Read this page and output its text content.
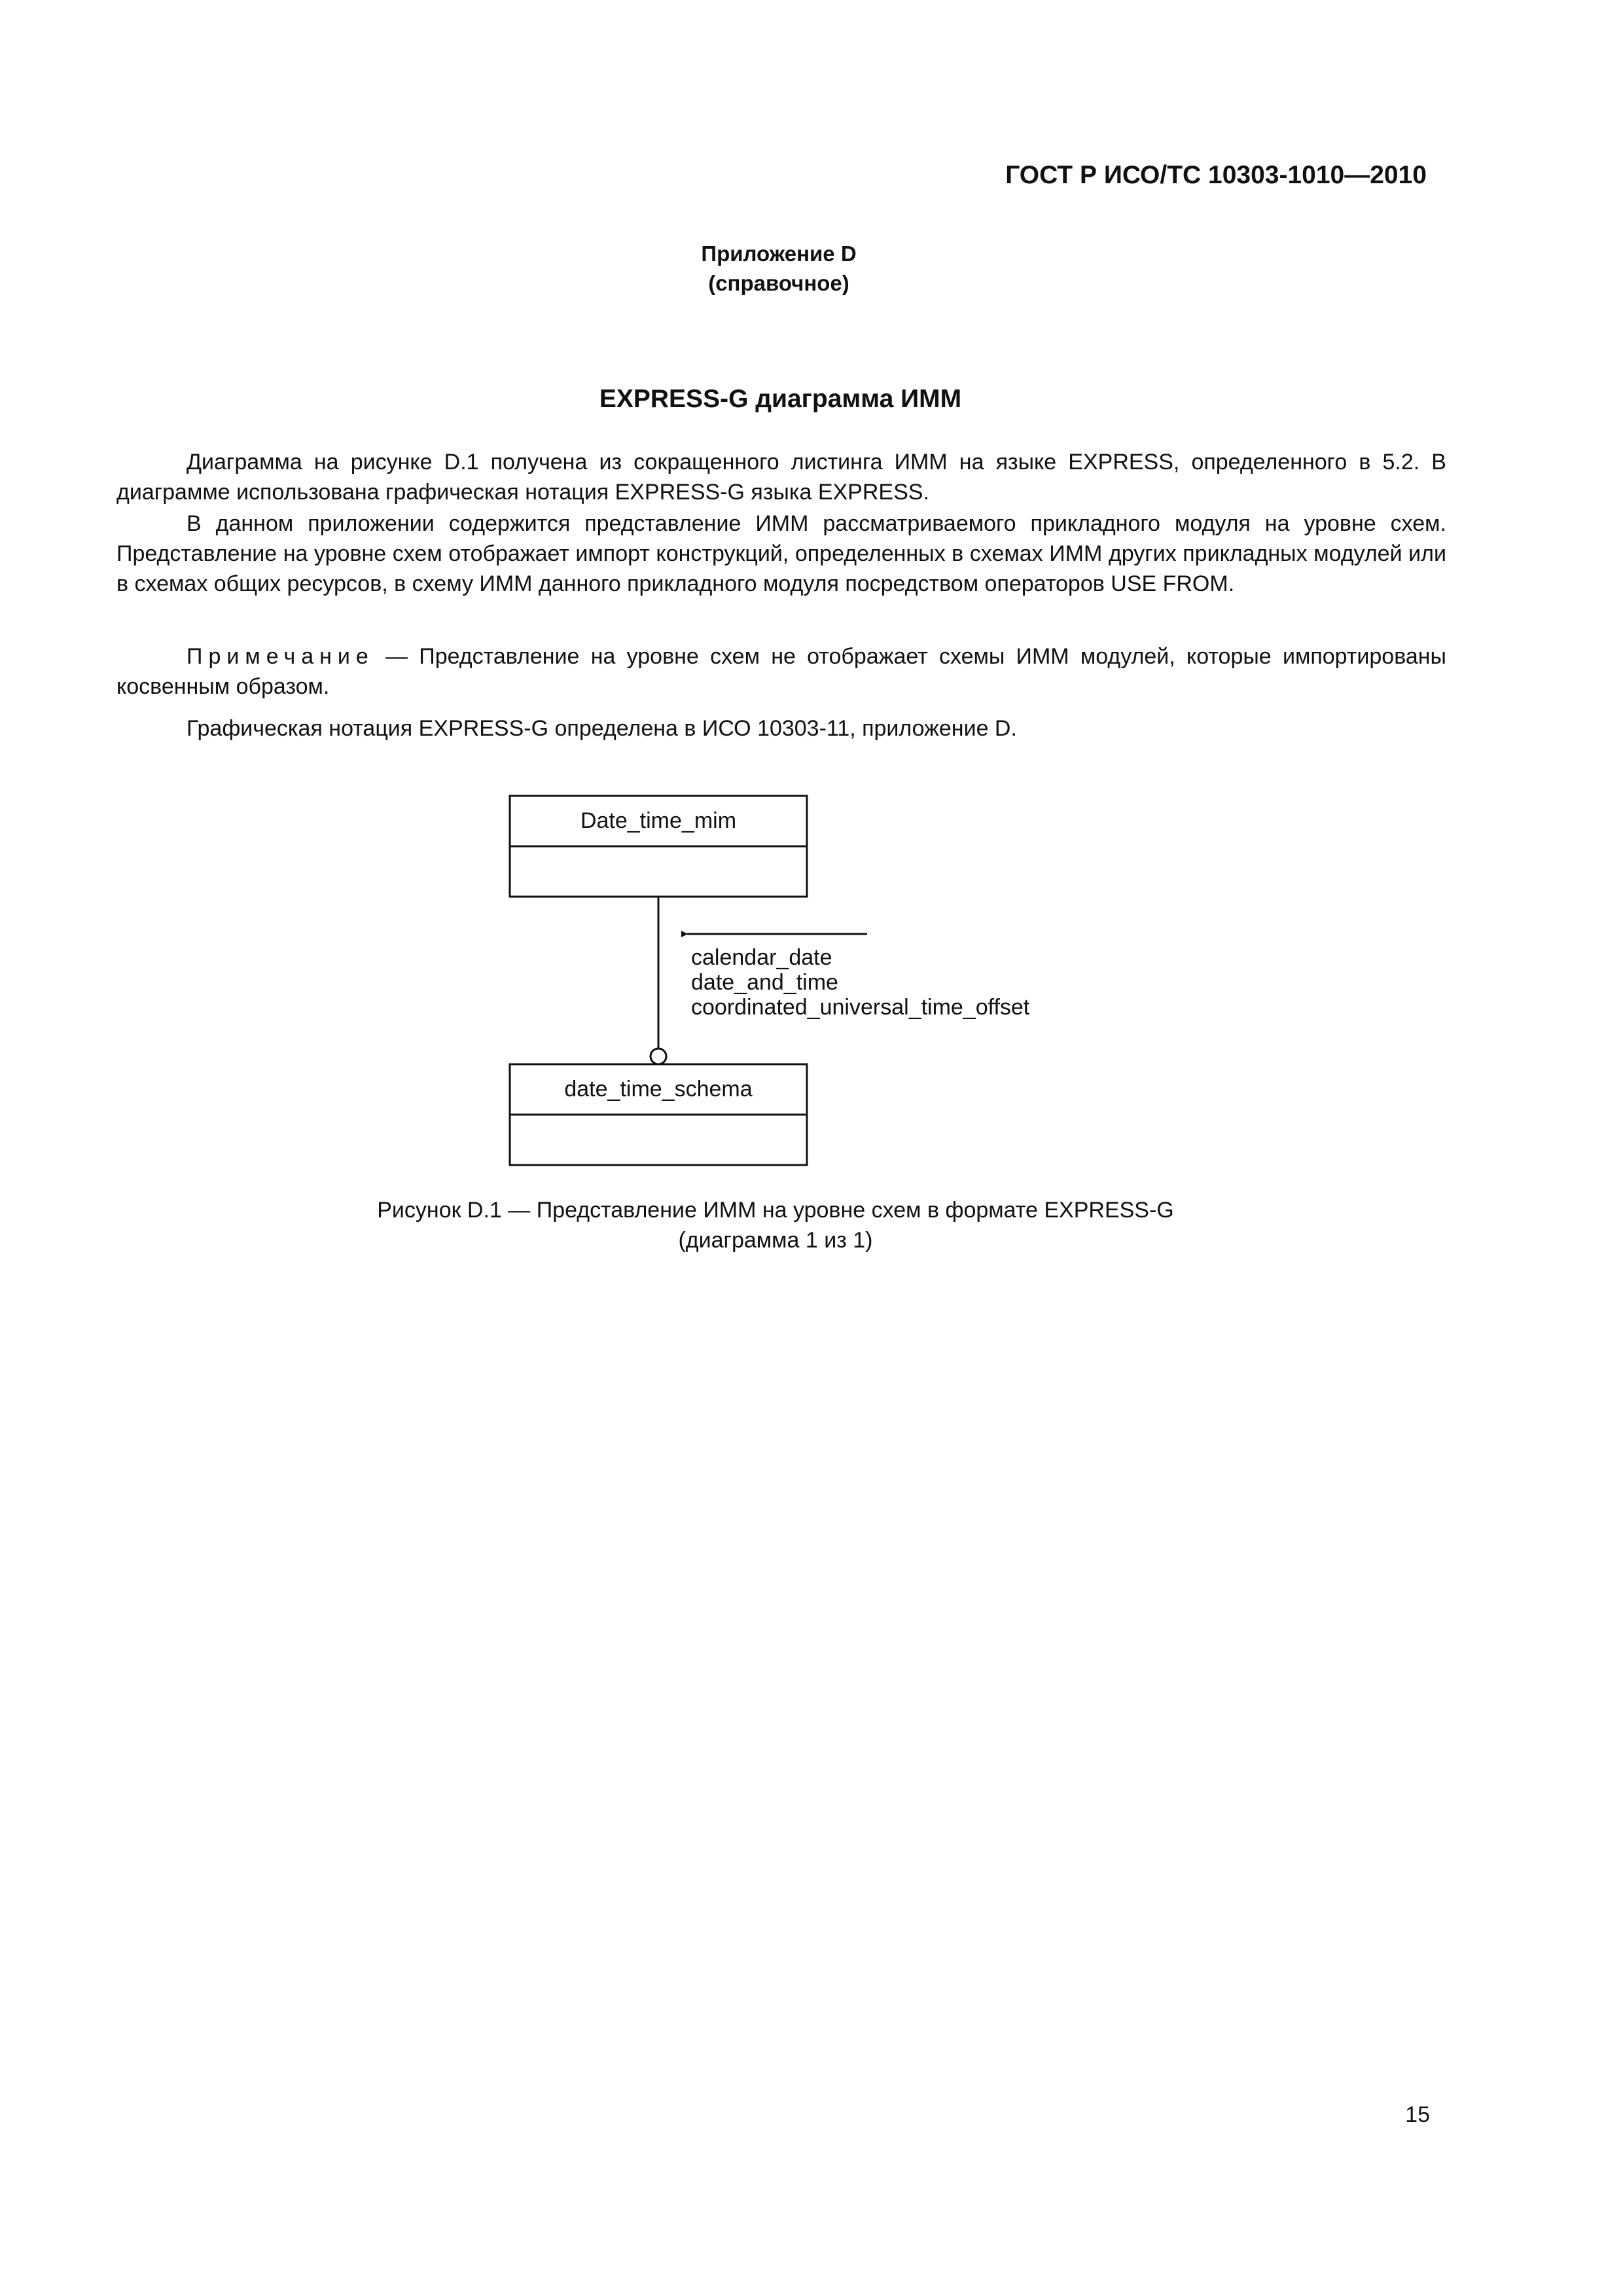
ГОСТ Р ИСО/ТС 10303-1010—2010
Приложение D
(справочное)
EXPRESS-G диаграмма ИММ
Диаграмма на рисунке D.1 получена из сокращенного листинга ИММ на языке EXPRESS, определенного в 5.2. В диаграмме использована графическая нотация EXPRESS-G языка EXPRESS.
В данном приложении содержится представление ИММ рассматриваемого прикладного модуля на уровне схем. Представление на уровне схем отображает импорт конструкций, определенных в схемах ИММ других прикладных модулей или в схемах общих ресурсов, в схему ИММ данного прикладного модуля посредством операторов USE FROM.
Примечание — Представление на уровне схем не отображает схемы ИММ модулей, которые импортированы косвенным образом.
Графическая нотация EXPRESS-G определена в ИСО 10303-11, приложение D.
Date_time_mim
calendar_date
date_and_time
coordinated_universal_time_offset
date_time_schema
Рисунок D.1 — Представление ИММ на уровне схем в формате EXPRESS-G
(диаграмма 1 из 1)
15
